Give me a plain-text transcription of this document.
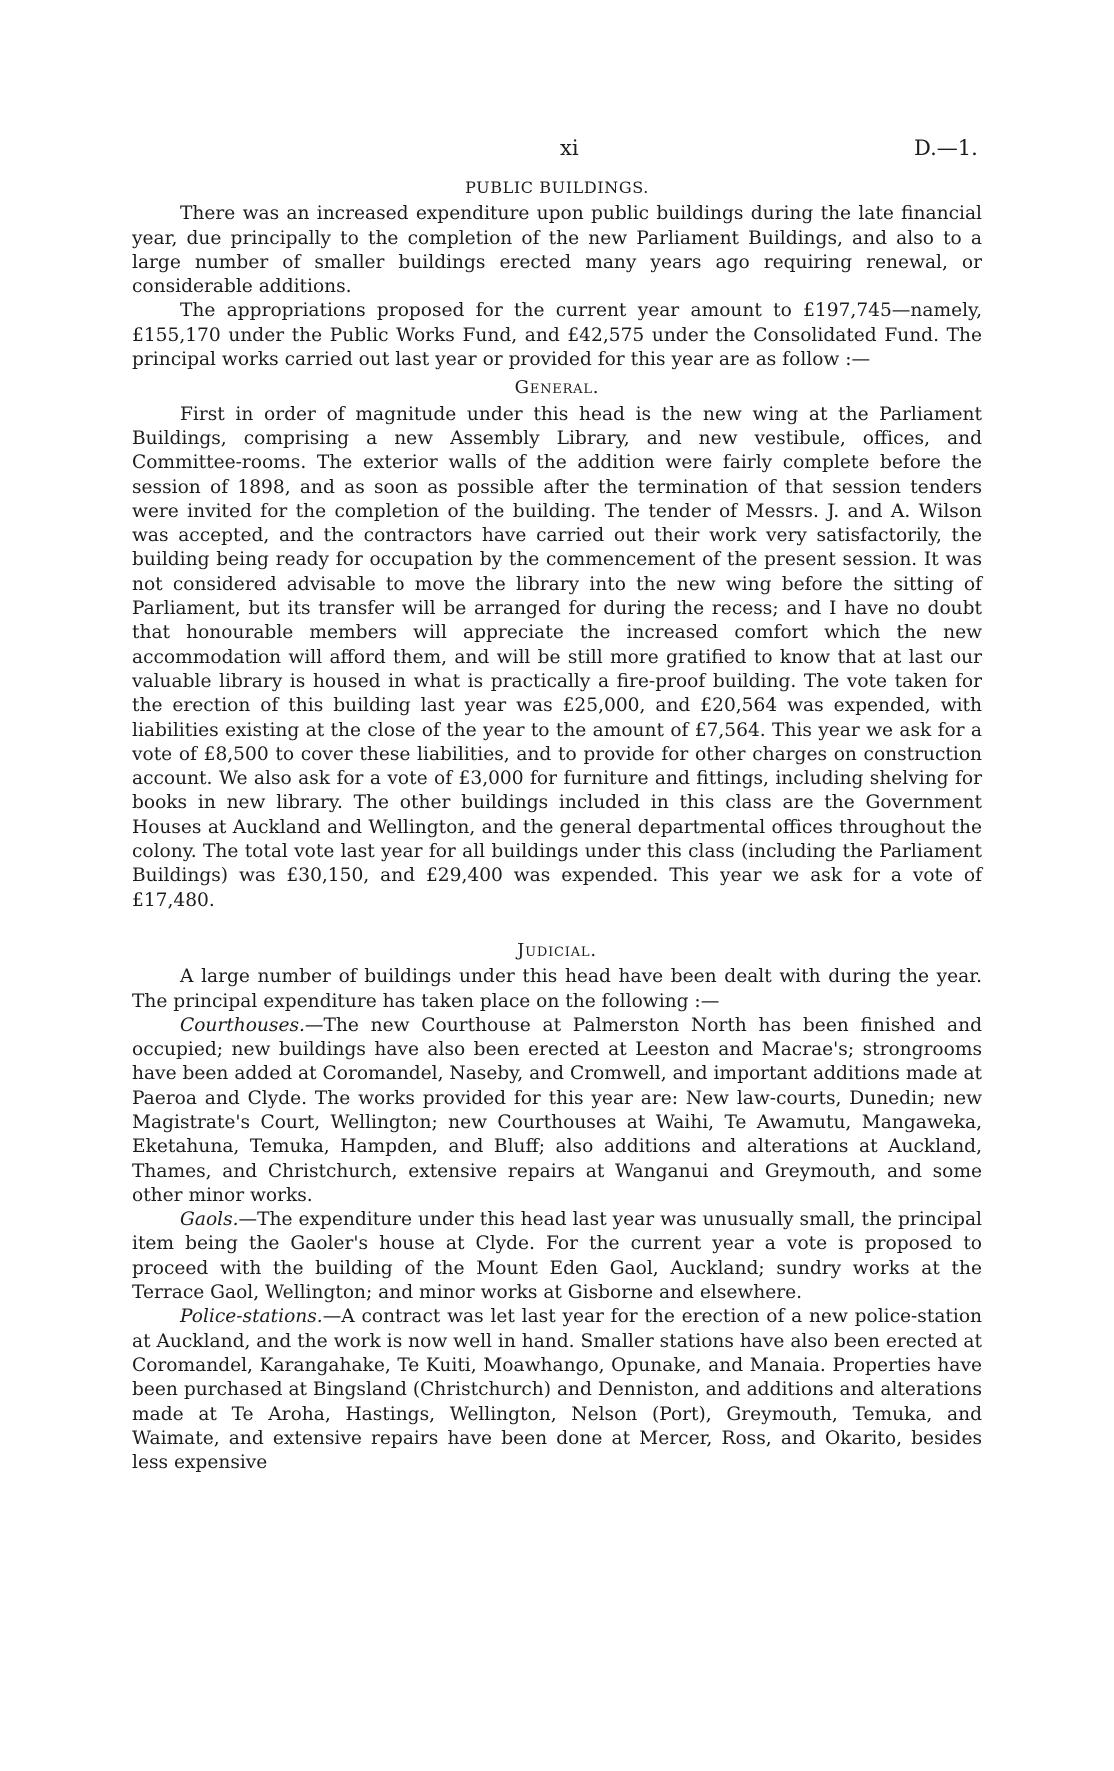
xi	D.—1.
PUBLIC BUILDINGS.

There was an increased expenditure upon public buildings during the late financial year, due principally to the completion of the new Parliament Buildings, and also to a large number of smaller buildings erected many years ago requiring renewal, or considerable additions.

The appropriations proposed for the current year amount to £197,745—namely, £155,170 under the Public Works Fund, and £42,575 under the Consolidated Fund. The principal works carried out last year or provided for this year are as follow :—

General.

First in order of magnitude under this head is the new wing at the Parliament Buildings, comprising a new Assembly Library, and new vestibule, offices, and Committee-rooms. The exterior walls of the addition were fairly complete before the session of 1898, and as soon as possible after the termination of that session tenders were invited for the completion of the building. The tender of Messrs. J. and A. Wilson was accepted, and the contractors have carried out their work very satisfactorily, the building being ready for occupation by the commencement of the present session. It was not considered advisable to move the library into the new wing before the sitting of Parliament, but its transfer will be arranged for during the recess; and I have no doubt that honourable members will appreciate the increased comfort which the new accommodation will afford them, and will be still more gratified to know that at last our valuable library is housed in what is practically a fire-proof building. The vote taken for the erection of this building last year was £25,000, and £20,564 was expended, with liabilities existing at the close of the year to the amount of £7,564. This year we ask for a vote of £8,500 to cover these liabilities, and to provide for other charges on construction account. We also ask for a vote of £3,000 for furniture and fittings, including shelving for books in new library. The other buildings included in this class are the Government Houses at Auckland and Wellington, and the general departmental offices throughout the colony. The total vote last year for all buildings under this class (including the Parliament Buildings) was £30,150, and £29,400 was expended. This year we ask for a vote of £17,480.

Judicial.

A large number of buildings under this head have been dealt with during the year. The principal expenditure has taken place on the following :—

Courthouses.—The new Courthouse at Palmerston North has been finished and occupied; new buildings have also been erected at Leeston and Macrae's; strongrooms have been added at Coromandel, Naseby, and Cromwell, and important additions made at Paeroa and Clyde. The works provided for this year are: New law-courts, Dunedin; new Magistrate's Court, Wellington; new Courthouses at Waihi, Te Awamutu, Mangaweka, Eketahuna, Temuka, Hampden, and Bluff; also additions and alterations at Auckland, Thames, and Christchurch, extensive repairs at Wanganui and Greymouth, and some other minor works.

Gaols.—The expenditure under this head last year was unusually small, the principal item being the Gaoler's house at Clyde. For the current year a vote is proposed to proceed with the building of the Mount Eden Gaol, Auckland; sundry works at the Terrace Gaol, Wellington; and minor works at Gisborne and elsewhere.

Police-stations.—A contract was let last year for the erection of a new police-station at Auckland, and the work is now well in hand. Smaller stations have also been erected at Coromandel, Karangahake, Te Kuiti, Moawhango, Opunake, and Manaia. Properties have been purchased at Bingsland (Christchurch) and Denniston, and additions and alterations made at Te Aroha, Hastings, Wellington, Nelson (Port), Greymouth, Temuka, and Waimate, and extensive repairs have been done at Mercer, Ross, and Okarito, besides less expensive
